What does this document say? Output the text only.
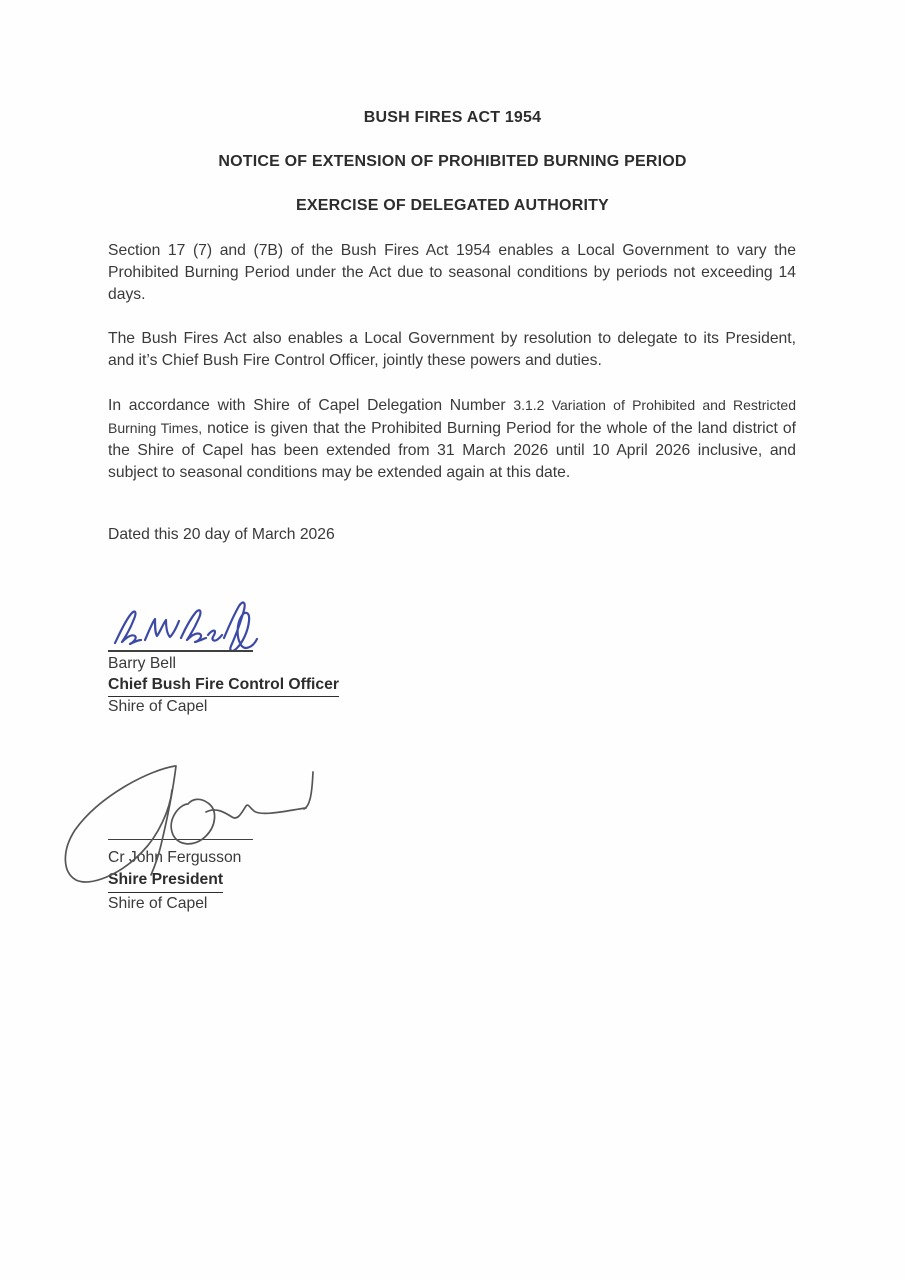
BUSH FIRES ACT 1954
NOTICE OF EXTENSION OF PROHIBITED BURNING PERIOD
EXERCISE OF DELEGATED AUTHORITY

Section 17 (7) and (7B) of the Bush Fires Act 1954 enables a Local Government to vary the Prohibited Burning Period under the Act due to seasonal conditions by periods not exceeding 14 days.

The Bush Fires Act also enables a Local Government by resolution to delegate to its President, and it’s Chief Bush Fire Control Officer, jointly these powers and duties.

In accordance with Shire of Capel Delegation Number 3.1.2 Variation of Prohibited and Restricted Burning Times, notice is given that the Prohibited Burning Period for the whole of the land district of the Shire of Capel has been extended from 31 March 2026 until 10 April 2026 inclusive, and subject to seasonal conditions may be extended again at this date.

Dated this 20 day of March 2026
Barry Bell
Chief Bush Fire Control Officer
Shire of Capel
Cr John Fergusson
Shire President
Shire of Capel
